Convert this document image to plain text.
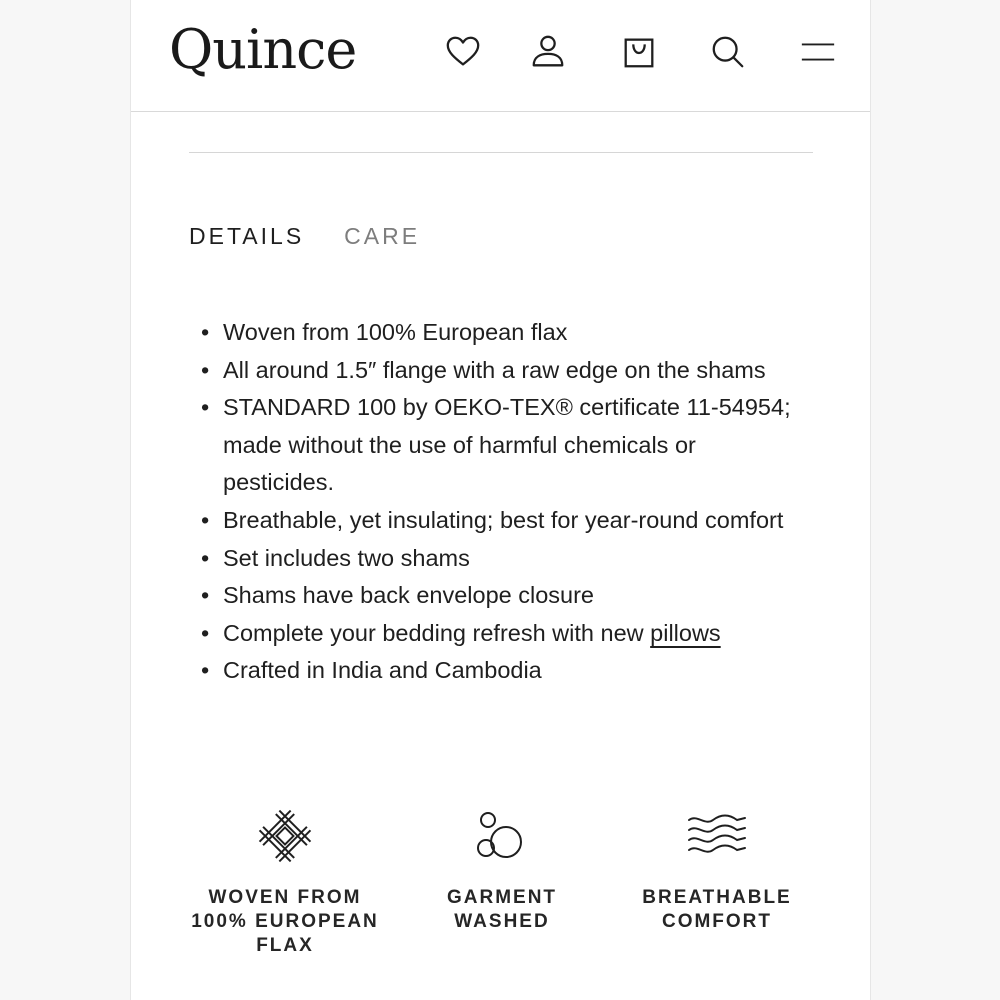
Quince
DETAILS CARE
• Woven from 100% European flax
• All around 1.5″ flange with a raw edge on the shams
• STANDARD 100 by OEKO-TEX® certificate 11-54954; made without the use of harmful chemicals or pesticides.
• Breathable, yet insulating; best for year-round comfort
• Set includes two shams
• Shams have back envelope closure
• Complete your bedding refresh with new pillows
• Crafted in India and Cambodia
WOVEN FROM 100% EUROPEAN FLAX
GARMENT WASHED
BREATHABLE COMFORT
